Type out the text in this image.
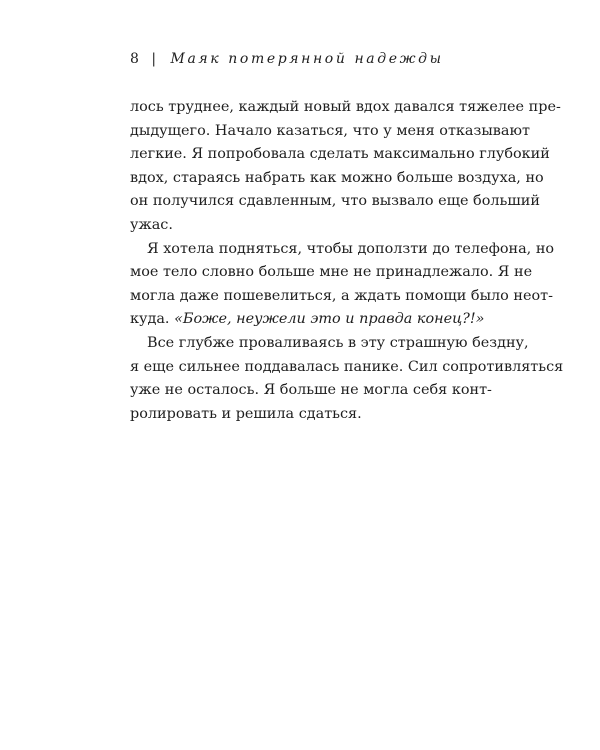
8 | Маяк потерянной надежды
лось труднее, каждый новый вдох давался тяжелее пре-
дыдущего. Начало казаться, что у меня отказывают
легкие. Я попробовала сделать максимально глубокий
вдох, стараясь набрать как можно больше воздуха, но
он получился сдавленным, что вызвало еще больший
ужас.
Я хотела подняться, чтобы доползти до телефона, но
мое тело словно больше мне не принадлежало. Я не
могла даже пошевелиться, а ждать помощи было неот-
куда. «Боже, неужели это и правда конец?!»
Все глубже проваливаясь в эту страшную бездну,
я еще сильнее поддавалась панике. Сил сопротивляться
уже не осталось. Я больше не могла себя конт-
ролировать и решила сдаться.
